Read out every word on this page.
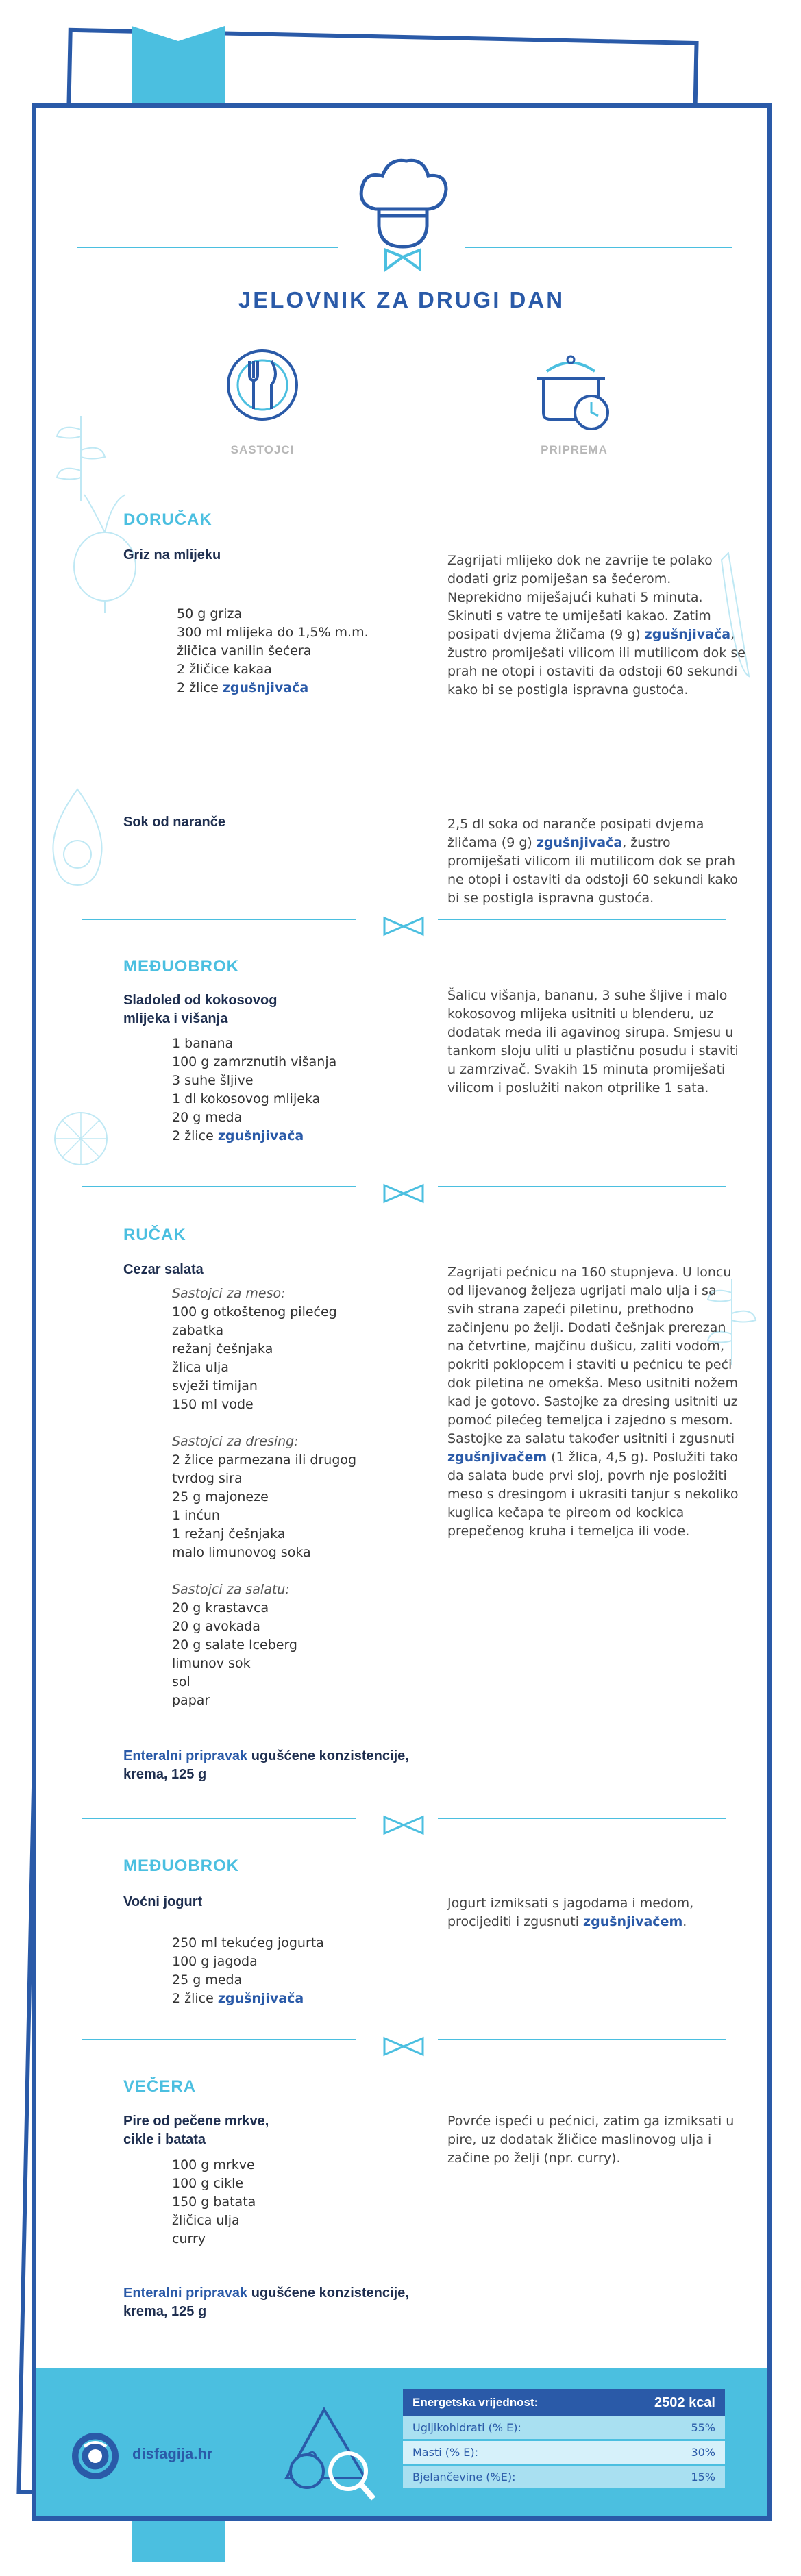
JELOVNIK ZA DRUGI DAN
SASTOJCI	PRIPREMA
DORUČAK
Griz na mlijeku
50 g griza
300 ml mlijeka do 1,5% m.m.
žličica vanilin šećera
2 žličice kakaa
2 žlice zgušnjivača
Zagrijati mlijeko dok ne zavrije te polako dodati griz pomiješan sa šećerom. Neprekidno miješajući kuhati 5 minuta. Skinuti s vatre te umiješati kakao. Zatim posipati dvjema žličama (9 g) zgušnjivača, žustro promiješati vilicom ili mutilicom dok se prah ne otopi i ostaviti da odstoji 60 sekundi kako bi se postigla ispravna gustoća.
Sok od naranče	2,5 dl soka od naranče posipati dvjema žličama (9 g) zgušnjivača, žustro promiješati vilicom ili mutilicom dok se prah ne otopi i ostaviti da odstoji 60 sekundi kako bi se postigla ispravna gustoća.
MEĐUOBROK
Sladoled od kokosovog
mlijeka i višanja
1 banana
100 g zamrznutih višanja
3 suhe šljive
1 dl kokosovog mlijeka
20 g meda
2 žlice zgušnjivača
Šalicu višanja, bananu, 3 suhe šljive i malo kokosovog mlijeka usitniti u blenderu, uz dodatak meda ili agavinog sirupa. Smjesu u tankom sloju uliti u plastičnu posudu i staviti u zamrzivač. Svakih 15 minuta promiješati vilicom i poslužiti nakon otprilike 1 sata.
RUČAK
Cezar salata
Sastojci za meso:
100 g otkoštenog pilećeg
zabatka
režanj češnjaka
žlica ulja
svježi timijan
150 ml vode
Sastojci za dresing:
2 žlice parmezana ili drugog
tvrdog sira
25 g majoneze
1 inćun
1 režanj češnjaka
malo limunovog soka
Sastojci za salatu:
20 g krastavca
20 g avokada
20 g salate Iceberg
limunov sok
sol
papar
Zagrijati pećnicu na 160 stupnjeva. U loncu od lijevanog željeza ugrijati malo ulja i sa svih strana zapeći piletinu, prethodno začinjenu po želji. Dodati češnjak prerezan na četvrtine, majčinu dušicu, zaliti vodom, pokriti poklopcem i staviti u pećnicu te peći dok piletina ne omekša. Meso usitniti nožem kad je gotovo. Sastojke za dresing usitniti uz pomoć pilećeg temeljca i zajedno s mesom. Sastojke za salatu također usitniti i zgusnuti zgušnjivačem (1 žlica, 4,5 g). Poslužiti tako da salata bude prvi sloj, povrh nje posložiti meso s dresingom i ukrasiti tanjur s nekoliko kuglica kečapa te pireom od kockica prepečenog kruha i temeljca ili vode.
Enteralni pripravak ugušćene konzistencije, krema, 125 g
MEĐUOBROK
Voćni jogurt
250 ml tekućeg jogurta
100 g jagoda
25 g meda
2 žlice zgušnjivača
Jogurt izmiksati s jagodama i medom, procijediti i zgusnuti zgušnjivačem.
VEČERA
Pire od pečene mrkve,
cikle i batata
100 g mrkve
100 g cikle
150 g batata
žličica ulja
curry
Povrće ispeći u pećnici, zatim ga izmiksati u pire, uz dodatak žličice maslinovog ulja i začine po želji (npr. curry).
Enteralni pripravak ugušćene konzistencije, krema, 125 g
disfagija.hr
Energetska vrijednost:	2502 kcal
Ugljikohidrati (% E):	55%
Masti (% E):	30%
Bjelančevine (%E):	15%
